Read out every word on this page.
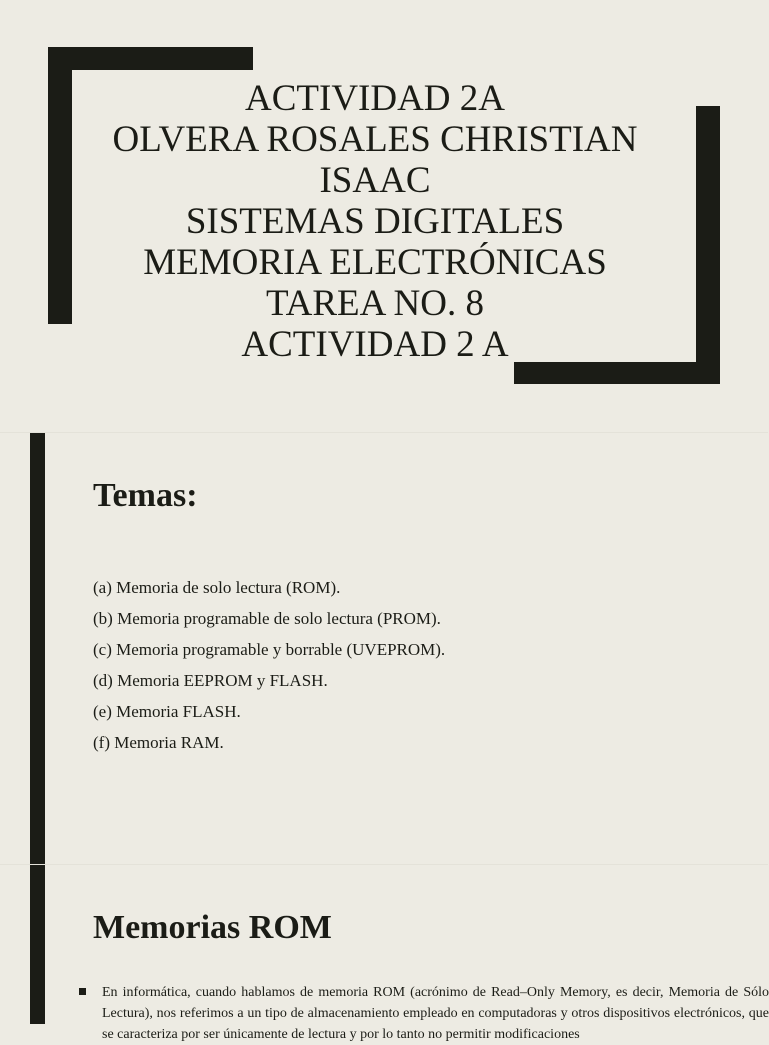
ACTIVIDAD 2A
OLVERA ROSALES CHRISTIAN
ISAAC
SISTEMAS DIGITALES
MEMORIA ELECTRÓNICAS
TAREA NO. 8
ACTIVIDAD 2 A
Temas:
(a) Memoria de solo lectura (ROM).
(b) Memoria programable de solo lectura (PROM).
(c) Memoria programable y borrable (UVEPROM).
(d) Memoria EEPROM y FLASH.
(e) Memoria FLASH.
(f) Memoria RAM.
Memorias ROM
En informática, cuando hablamos de memoria ROM (acrónimo de Read–Only Memory, es decir, Memoria de Sólo Lectura), nos referimos a un tipo de almacenamiento empleado en computadoras y otros dispositivos electrónicos, que se caracteriza por ser únicamente de lectura y por lo tanto no permitir modificaciones
